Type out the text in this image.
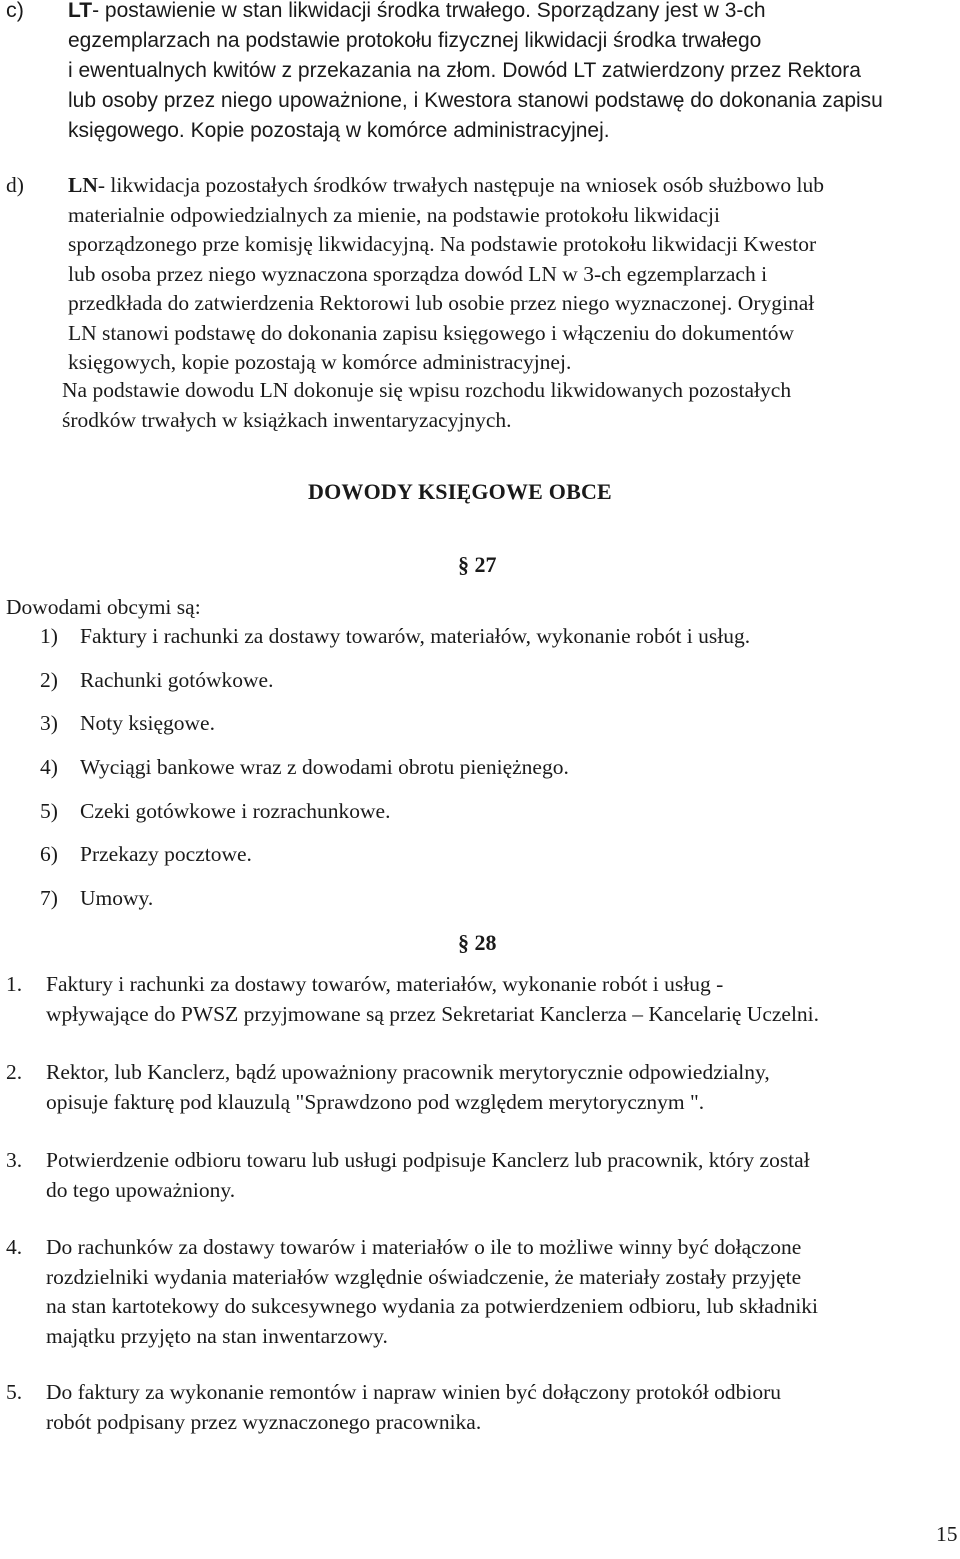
c) LT- postawienie w stan likwidacji środka trwałego. Sporządzany jest w 3-ch
egzemplarzach na podstawie protokołu fizycznej likwidacji środka trwałego
i ewentualnych kwitów z przekazania na złom. Dowód LT zatwierdzony przez Rektora
lub osoby przez niego upoważnione, i Kwestora stanowi podstawę do dokonania zapisu
księgowego. Kopie pozostają w komórce administracyjnej.
d) LN- likwidacja pozostałych środków trwałych następuje na wniosek osób służbowo lub
materialnie odpowiedzialnych za mienie, na podstawie protokołu likwidacji
sporządzonego prze komisję likwidacyjną. Na podstawie protokołu likwidacji Kwestor
lub osoba przez niego wyznaczona sporządza dowód LN w 3-ch egzemplarzach i
przedkłada do zatwierdzenia Rektorowi lub osobie przez niego wyznaczonej. Oryginał
LN stanowi podstawę do dokonania zapisu księgowego i włączeniu do dokumentów
księgowych, kopie pozostają w komórce administracyjnej.
Na podstawie dowodu LN dokonuje się wpisu rozchodu likwidowanych pozostałych
środków trwałych w książkach inwentaryzacyjnych.
DOWODY KSIĘGOWE OBCE
§ 27
Dowodami obcymi są:
1) Faktury i rachunki za dostawy towarów, materiałów, wykonanie robót i usług.
2) Rachunki gotówkowe.
3) Noty księgowe.
4) Wyciągi bankowe wraz z dowodami obrotu pieniężnego.
5) Czeki gotówkowe i rozrachunkowe.
6) Przekazy pocztowe.
7) Umowy.
§ 28
1. Faktury i rachunki za dostawy towarów, materiałów, wykonanie robót i usług -
wpływające do PWSZ przyjmowane są przez Sekretariat Kanclerza – Kancelarię Uczelni.
2. Rektor, lub Kanclerz, bądź upoważniony pracownik merytorycznie odpowiedzialny,
opisuje fakturę pod klauzulą "Sprawdzono pod względem merytorycznym ".
3. Potwierdzenie odbioru towaru lub usługi podpisuje Kanclerz lub pracownik, który został
do tego upoważniony.
4. Do rachunków za dostawy towarów i materiałów o ile to możliwe winny być dołączone
rozdzielniki wydania materiałów względnie oświadczenie, że materiały zostały przyjęte
na stan kartotekowy do sukcesywnego wydania za potwierdzeniem odbioru, lub składniki
majątku przyjęto na stan inwentarzowy.
5. Do faktury za wykonanie remontów i napraw winien być dołączony protokół odbioru
robót podpisany przez wyznaczonego pracownika.
15
